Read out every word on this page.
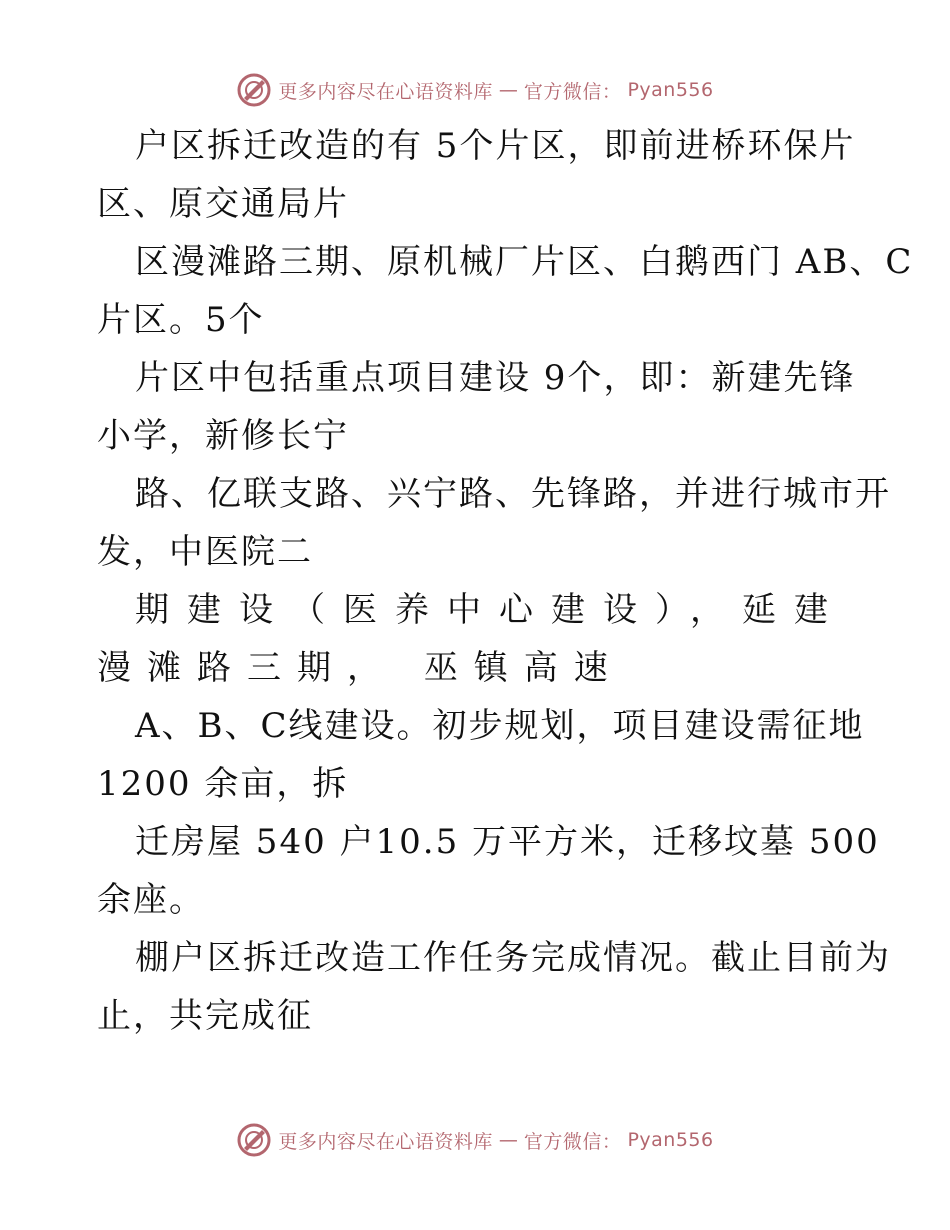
更多内容尽在心语资料库 — 官方微信： Pyan556
户区拆迁改造的有 5个片区，即前进桥环保片
区、原交通局片
区漫滩路三期、原机械厂片区、白鹅西门 AB、C
片区。5个
片区中包括重点项目建设 9个，即：新建先锋
小学，新修长宁
路、亿联支路、兴宁路、先锋路，并进行城市开
发，中医院二
期建设（医养中心建设），延建
漫滩路三期， 巫镇高速
A、B、C线建设。初步规划，项目建设需征地
1200 余亩，拆
迁房屋 540 户10.5 万平方米，迁移坟墓 500
余座。
棚户区拆迁改造工作任务完成情况。截止目前为
止，共完成征
更多内容尽在心语资料库 — 官方微信： Pyan556
